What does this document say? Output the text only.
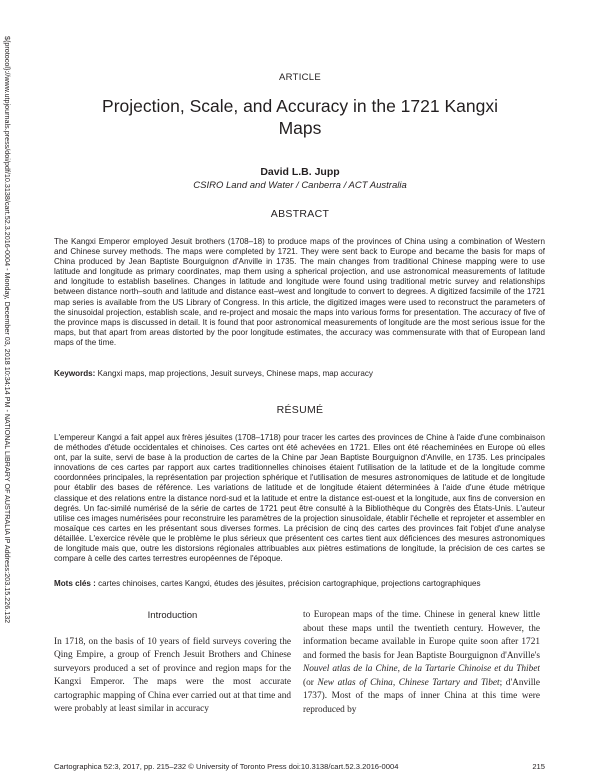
${protocol}://www.utpjournals.press/doi/pdf/10.3138/cart.52.3.2016-0004 - Monday, December 03, 2018 10:34:14 PM - NATIONAL LIBRARY OF AUSTRALIA IP Address:203.15.226.132	ARTICLE
Projection, Scale, and Accuracy in the 1721 Kangxi Maps
David L.B. Jupp
CSIRO Land and Water / Canberra / ACT Australia
ABSTRACT

The Kangxi Emperor employed Jesuit brothers (1708–18) to produce maps of the provinces of China using a combination of Western and Chinese survey methods. The maps were completed by 1721. They were sent back to Europe and became the basis for maps of China produced by Jean Baptiste Bourguignon d'Anville in 1735. The main changes from traditional Chinese mapping were to use latitude and longitude as primary coordinates, map them using a spherical projection, and use astronomical measurements of latitude and longitude to establish baselines. Changes in latitude and longitude were found using traditional metric survey and relationships between distance north–south and latitude and distance east–west and longitude to convert to degrees. A digitized facsimile of the 1721 map series is available from the US Library of Congress. In this article, the digitized images were used to reconstruct the parameters of the sinusoidal projection, establish scale, and re-project and mosaic the maps into various forms for presentation. The accuracy of five of the province maps is discussed in detail. It is found that poor astronomical measurements of longitude are the most serious issue for the maps, but that apart from areas distorted by the poor longitude estimates, the accuracy was commensurate with that of European land maps of the time.

Keywords: Kangxi maps, map projections, Jesuit surveys, Chinese maps, map accuracy

RÉSUMÉ

L'empereur Kangxi a fait appel aux frères jésuites (1708–1718) pour tracer les cartes des provinces de Chine à l'aide d'une combinaison de méthodes d'étude occidentales et chinoises. Ces cartes ont été achevées en 1721. Elles ont été réacheminées en Europe où elles ont, par la suite, servi de base à la production de cartes de la Chine par Jean Baptiste Bourguignon d'Anville, en 1735. Les principales innovations de ces cartes par rapport aux cartes traditionnelles chinoises étaient l'utilisation de la latitude et de la longitude comme coordonnées principales, la représentation par projection sphérique et l'utilisation de mesures astronomiques de latitude et de longitude pour établir des bases de référence. Les variations de latitude et de longitude étaient déterminées à l'aide d'une étude métrique classique et des relations entre la distance nord-sud et la latitude et entre la distance est-ouest et la longitude, aux fins de conversion en degrés. Un fac-similé numérisé de la série de cartes de 1721 peut être consulté à la Bibliothèque du Congrès des États-Unis. L'auteur utilise ces images numérisées pour reconstruire les paramètres de la projection sinusoïdale, établir l'échelle et reprojeter et assembler en mosaïque ces cartes en les présentant sous diverses formes. La précision de cinq des cartes des provinces fait l'objet d'une analyse détaillée. L'exercice révèle que le problème le plus sérieux que présentent ces cartes tient aux déficiences des mesures astronomiques de longitude mais que, outre les distorsions régionales attribuables aux piètres estimations de longitude, la précision de ces cartes se compare à celle des cartes terrestres européennes de l'époque.

Mots clés : cartes chinoises, cartes Kangxi, études des jésuites, précision cartographique, projections cartographiques

Introduction
In 1718, on the basis of 10 years of field surveys covering the Qing Empire, a group of French Jesuit Brothers and Chinese surveyors produced a set of province and region maps for the Kangxi Emperor. The maps were the most accurate cartographic mapping of China ever carried out at that time and were probably at least similar in accuracy

to European maps of the time. Chinese in general knew little about these maps until the twentieth century. However, the information became available in Europe quite soon after 1721 and formed the basis for Jean Baptiste Bourguignon d'Anville's Nouvel atlas de la Chine, de la Tartarie Chinoise et du Thibet (or New atlas of China, Chinese Tartary and Tibet; d'Anville 1737). Most of the maps of inner China at this time were reproduced by

Cartographica 52:3, 2017, pp. 215–232 © University of Toronto Press doi:10.3138/cart.52.3.2016-0004	215
